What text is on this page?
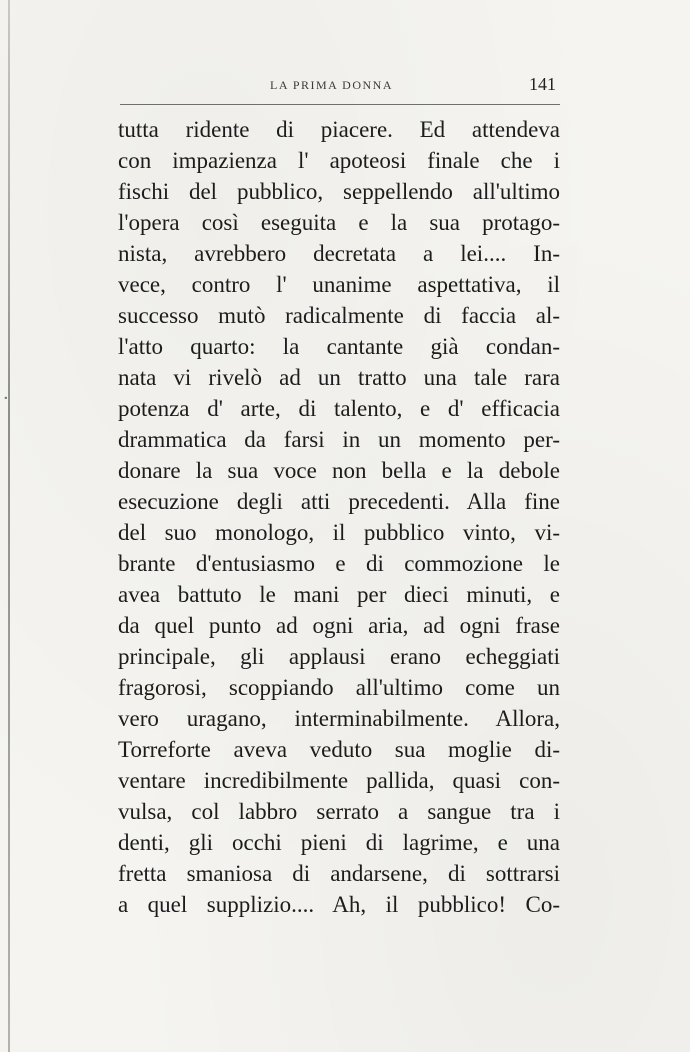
·
LA PRIMA DONNA	141
tutta ridente di piacere. Ed attendeva
con impazienza l' apoteosi finale che i
fischi del pubblico, seppellendo all'ultimo
l'opera così eseguita e la sua protago-
nista, avrebbero decretata a lei.... In-
vece, contro l' unanime aspettativa, il
successo mutò radicalmente di faccia al-
l'atto quarto: la cantante già condan-
nata vi rivelò ad un tratto una tale rara
potenza d' arte, di talento, e d' efficacia
drammatica da farsi in un momento per-
donare la sua voce non bella e la debole
esecuzione degli atti precedenti. Alla fine
del suo monologo, il pubblico vinto, vi-
brante d'entusiasmo e di commozione le
avea battuto le mani per dieci minuti, e
da quel punto ad ogni aria, ad ogni frase
principale, gli applausi erano echeggiati
fragorosi, scoppiando all'ultimo come un
vero uragano, interminabilmente. Allora,
Torreforte aveva veduto sua moglie di-
ventare incredibilmente pallida, quasi con-
vulsa, col labbro serrato a sangue tra i
denti, gli occhi pieni di lagrime, e una
fretta smaniosa di andarsene, di sottrarsi
a quel supplizio.... Ah, il pubblico! Co-
